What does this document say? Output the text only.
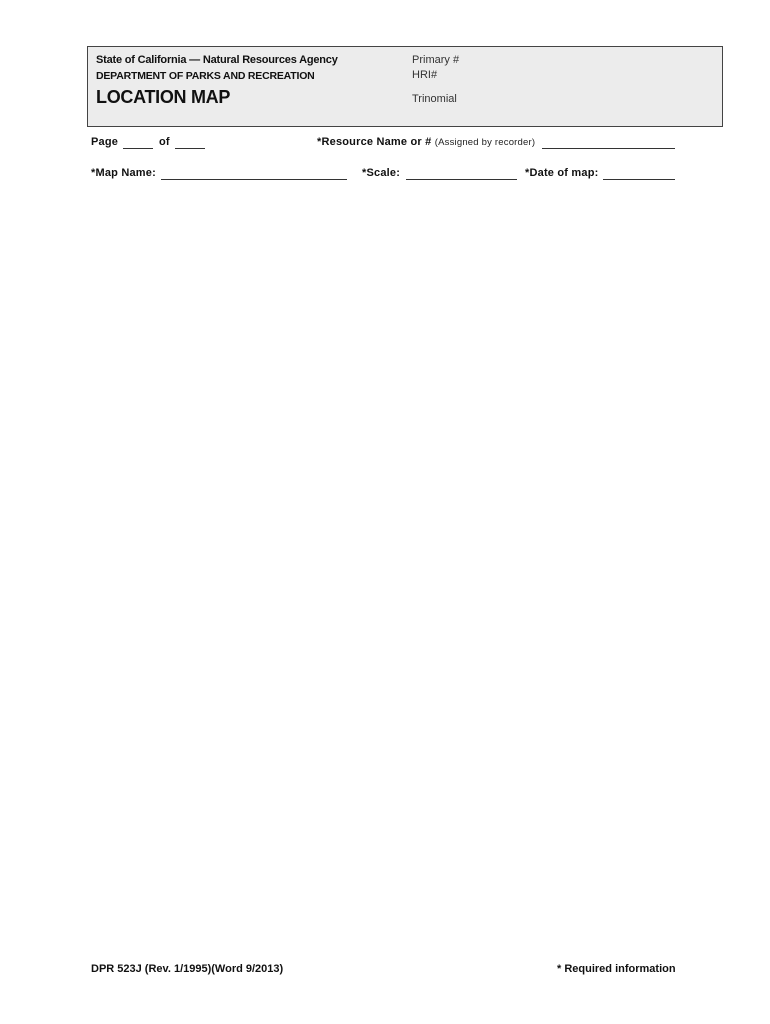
State of California — Natural Resources Agency
DEPARTMENT OF PARKS AND RECREATION
LOCATION MAP
Primary #
HRI#
Trinomial
Page	of	*Resource Name or # (Assigned by recorder)
*Map Name:	*Scale:	*Date of map:
DPR 523J (Rev. 1/1995)(Word 9/2013)	* Required information
